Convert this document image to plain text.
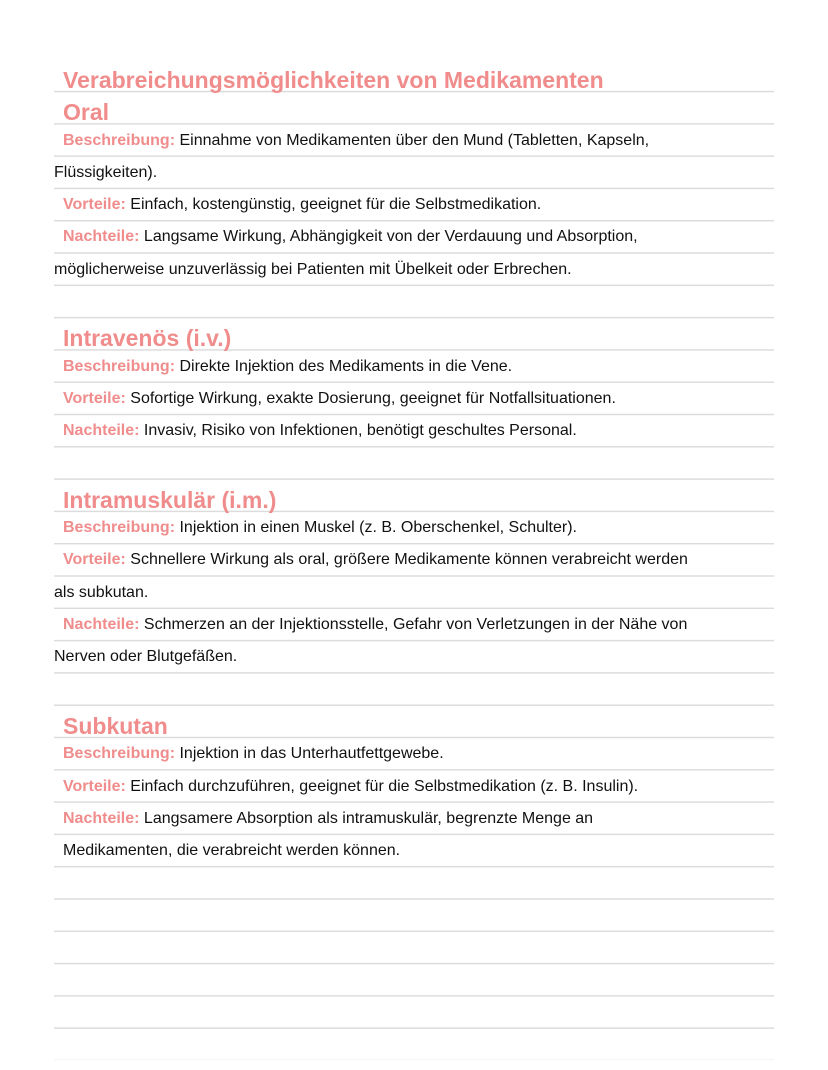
Verabreichungsmöglichkeiten von Medikamenten
Oral
Beschreibung: Einnahme von Medikamenten über den Mund (Tabletten, Kapseln,
Flüssigkeiten).
Vorteile: Einfach, kostengünstig, geeignet für die Selbstmedikation.
Nachteile: Langsame Wirkung, Abhängigkeit von der Verdauung und Absorption,
möglicherweise unzuverlässig bei Patienten mit Übelkeit oder Erbrechen.
Intravenös (i.v.)
Beschreibung: Direkte Injektion des Medikaments in die Vene.
Vorteile: Sofortige Wirkung, exakte Dosierung, geeignet für Notfallsituationen.
Nachteile: Invasiv, Risiko von Infektionen, benötigt geschultes Personal.
Intramuskulär (i.m.)
Beschreibung: Injektion in einen Muskel (z. B. Oberschenkel, Schulter).
Vorteile: Schnellere Wirkung als oral, größere Medikamente können verabreicht werden
als subkutan.
Nachteile: Schmerzen an der Injektionsstelle, Gefahr von Verletzungen in der Nähe von
Nerven oder Blutgefäßen.
Subkutan
Beschreibung: Injektion in das Unterhautfettgewebe.
Vorteile: Einfach durchzuführen, geeignet für die Selbstmedikation (z. B. Insulin).
Nachteile: Langsamere Absorption als intramuskulär, begrenzte Menge an
Medikamenten, die verabreicht werden können.
